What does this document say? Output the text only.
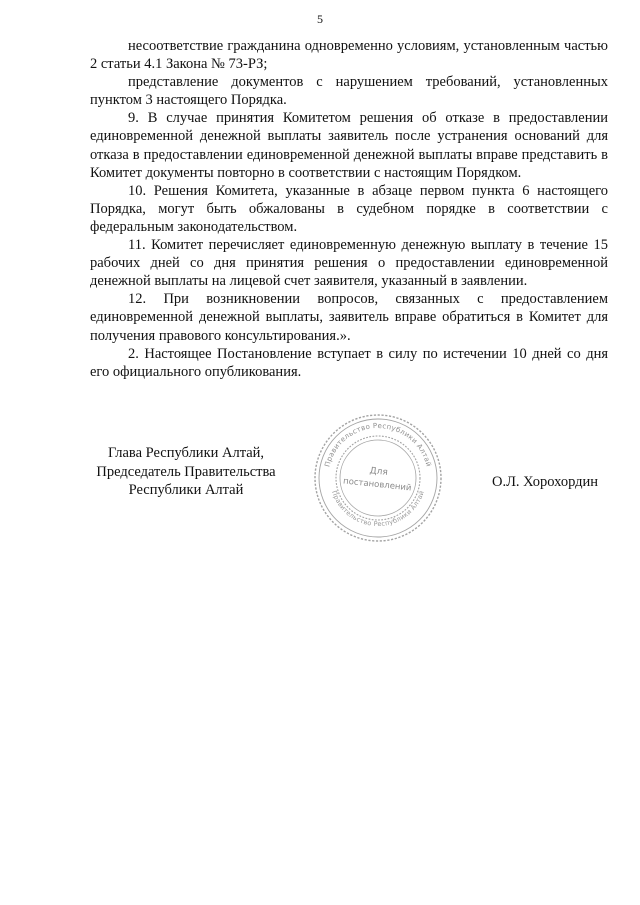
5

несоответствие гражданина одновременно условиям, установленным частью 2 статьи 4.1 Закона № 73-РЗ;

представление документов с нарушением требований, установленных пунктом 3 настоящего Порядка.

9. В случае принятия Комитетом решения об отказе в предоставлении единовременной денежной выплаты заявитель после устранения оснований для отказа в предоставлении единовременной денежной выплаты вправе представить в Комитет документы повторно в соответствии с настоящим Порядком.

10. Решения Комитета, указанные в абзаце первом пункта 6 настоящего Порядка, могут быть обжалованы в судебном порядке в соответствии с федеральным законодательством.

11. Комитет перечисляет единовременную денежную выплату в течение 15 рабочих дней со дня принятия решения о предоставлении единовременной денежной выплаты на лицевой счет заявителя, указанный в заявлении.

12. При возникновении вопросов, связанных с предоставлением единовременной денежной выплаты, заявитель вправе обратиться в Комитет для получения правового консультирования.».

2. Настоящее Постановление вступает в силу по истечении 10 дней со дня его официального опубликования.

Глава Республики Алтай,
Председатель Правительства
Республики Алтай	О.Л. Хорохордин
Правительство Республики Алтай
Правительство Республики Алтай
Для
постановлений
